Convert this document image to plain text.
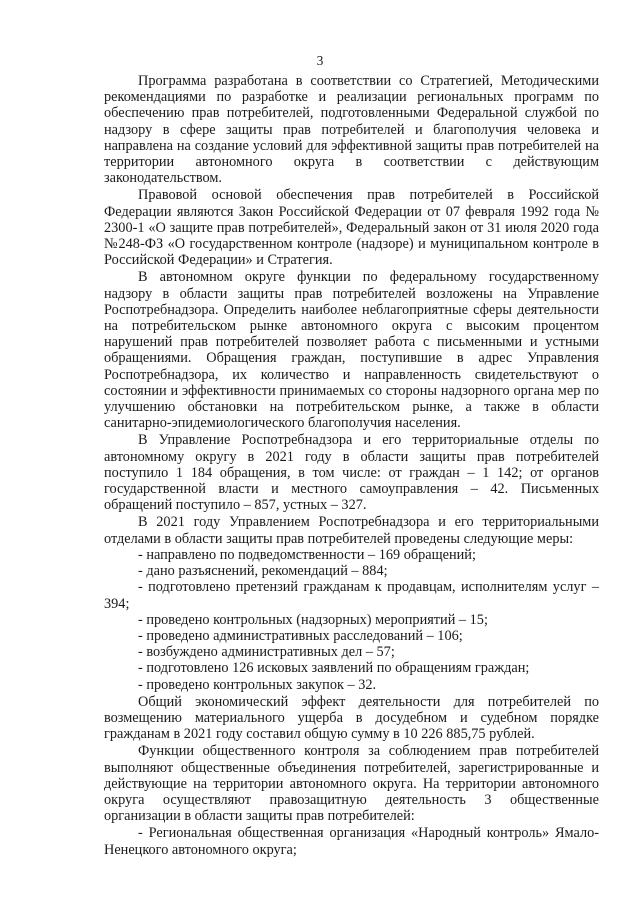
3

Программа разработана в соответствии со Стратегией, Методическими рекомендациями по разработке и реализации региональных программ по обеспечению прав потребителей, подготовленными Федеральной службой по надзору в сфере защиты прав потребителей и благополучия человека и направлена на создание условий для эффективной защиты прав потребителей на территории автономного округа в соответствии с действующим законодательством.

Правовой основой обеспечения прав потребителей в Российской Федерации являются Закон Российской Федерации от 07 февраля 1992 года № 2300-1 «О защите прав потребителей», Федеральный закон от 31 июля 2020 года №248-ФЗ «О государственном контроле (надзоре) и муниципальном контроле в Российской Федерации» и Стратегия.

В автономном округе функции по федеральному государственному надзору в области защиты прав потребителей возложены на Управление Роспотребнадзора. Определить наиболее неблагоприятные сферы деятельности на потребительском рынке автономного округа с высоким процентом нарушений прав потребителей позволяет работа с письменными и устными обращениями. Обращения граждан, поступившие в адрес Управления Роспотребнадзора, их количество и направленность свидетельствуют о состоянии и эффективности принимаемых со стороны надзорного органа мер по улучшению обстановки на потребительском рынке, а также в области санитарно-эпидемиологического благополучия населения.

В Управление Роспотребнадзора и его территориальные отделы по автономному округу в 2021 году в области защиты прав потребителей поступило 1 184 обращения, в том числе: от граждан – 1 142; от органов государственной власти и местного самоуправления – 42. Письменных обращений поступило – 857, устных – 327.

В 2021 году Управлением Роспотребнадзора и его территориальными отделами в области защиты прав потребителей проведены следующие меры:

- направлено по подведомственности – 169 обращений;

- дано разъяснений, рекомендаций – 884;

- подготовлено претензий гражданам к продавцам, исполнителям услуг – 394;

- проведено контрольных (надзорных) мероприятий – 15;

- проведено административных расследований – 106;

- возбуждено административных дел – 57;

- подготовлено 126 исковых заявлений по обращениям граждан;

- проведено контрольных закупок – 32.

Общий экономический эффект деятельности для потребителей по возмещению материального ущерба в досудебном и судебном порядке гражданам в 2021 году составил общую сумму в 10 226 885,75 рублей.

Функции общественного контроля за соблюдением прав потребителей выполняют общественные объединения потребителей, зарегистрированные и действующие на территории автономного округа. На территории автономного округа осуществляют правозащитную деятельность 3 общественные организации в области защиты прав потребителей:

- Региональная общественная организация «Народный контроль» Ямало-Ненецкого автономного округа;
